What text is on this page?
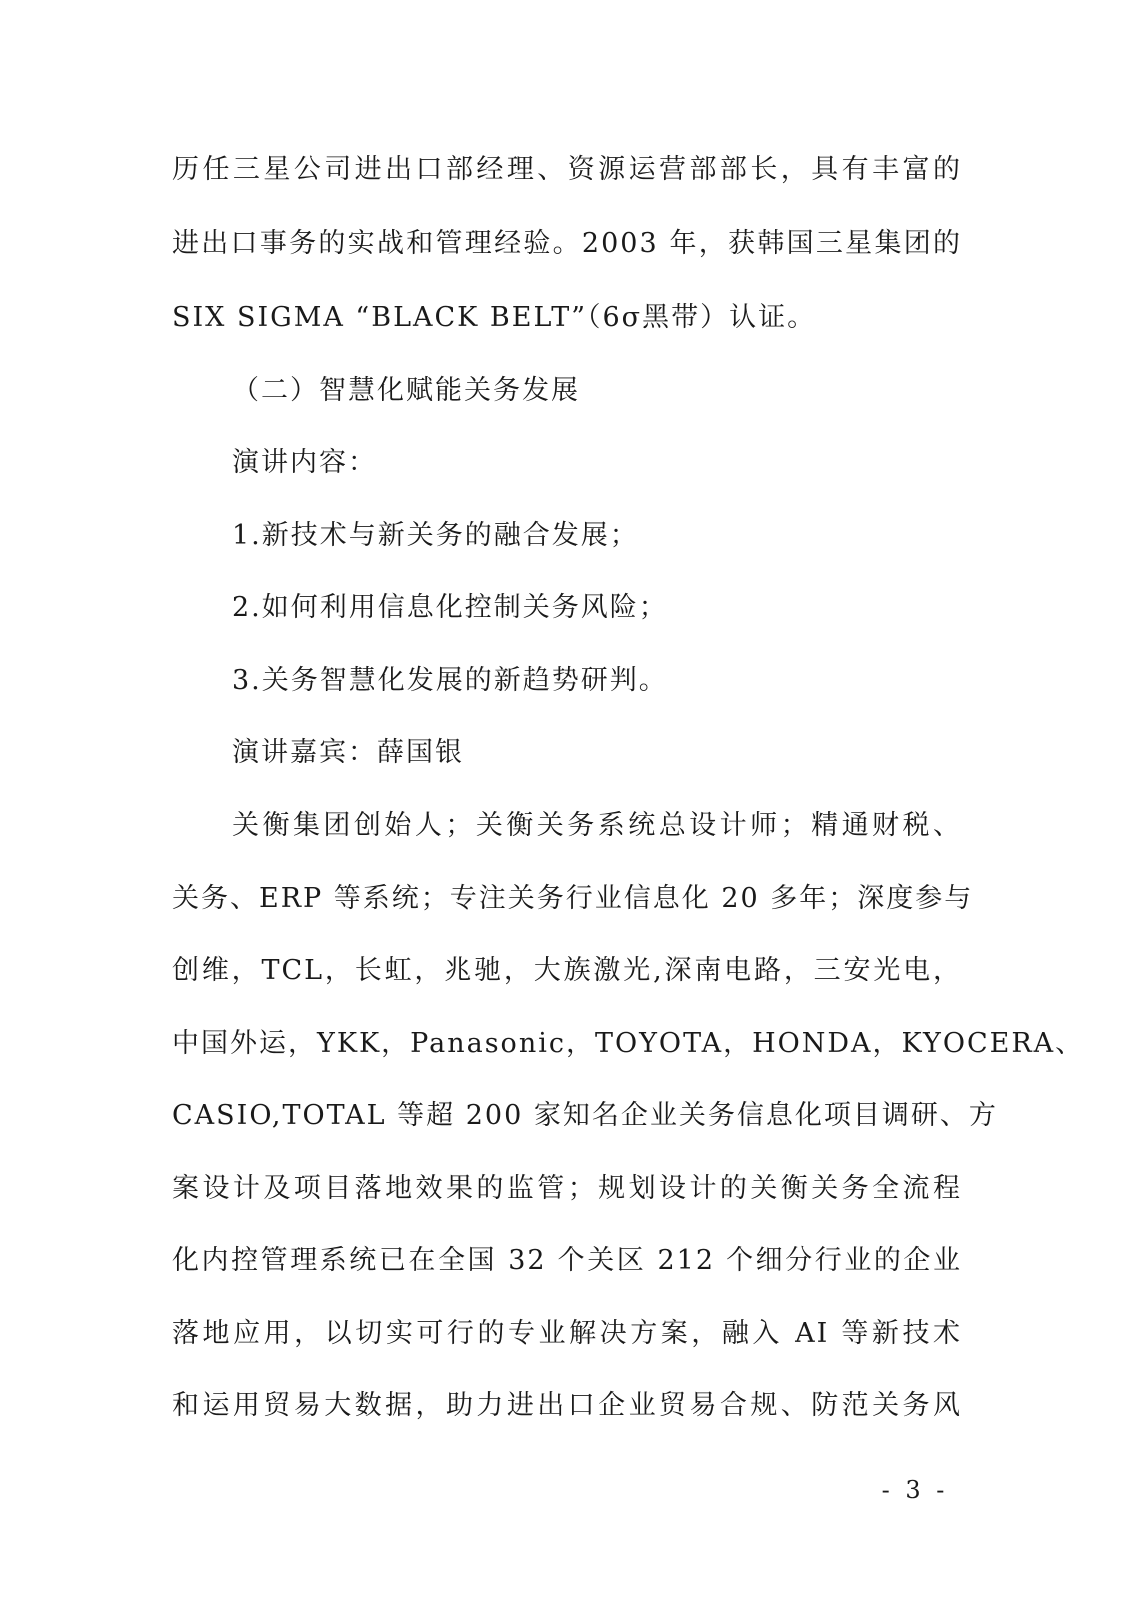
历任三星公司进出口部经理、资源运营部部长，具有丰富的
进出口事务的实战和管理经验。2003 年，获韩国三星集团的
SIX SIGMA “BLACK BELT”（6σ黑带）认证。
（二）智慧化赋能关务发展
演讲内容：
1.新技术与新关务的融合发展；
2.如何利用信息化控制关务风险；
3.关务智慧化发展的新趋势研判。
演讲嘉宾：薛国银
关衡集团创始人；关衡关务系统总设计师；精通财税、
关务、ERP 等系统；专注关务行业信息化 20 多年；深度参与
创维，TCL，长虹，兆驰，大族激光,深南电路，三安光电，
中国外运，YKK，Panasonic，TOYOTA，HONDA，KYOCERA、
CASIO,TOTAL 等超 200 家知名企业关务信息化项目调研、方
案设计及项目落地效果的监管；规划设计的关衡关务全流程
化内控管理系统已在全国 32 个关区 212 个细分行业的企业
落地应用，以切实可行的专业解决方案，融入 AI 等新技术
和运用贸易大数据，助力进出口企业贸易合规、防范关务风
- 3 -
